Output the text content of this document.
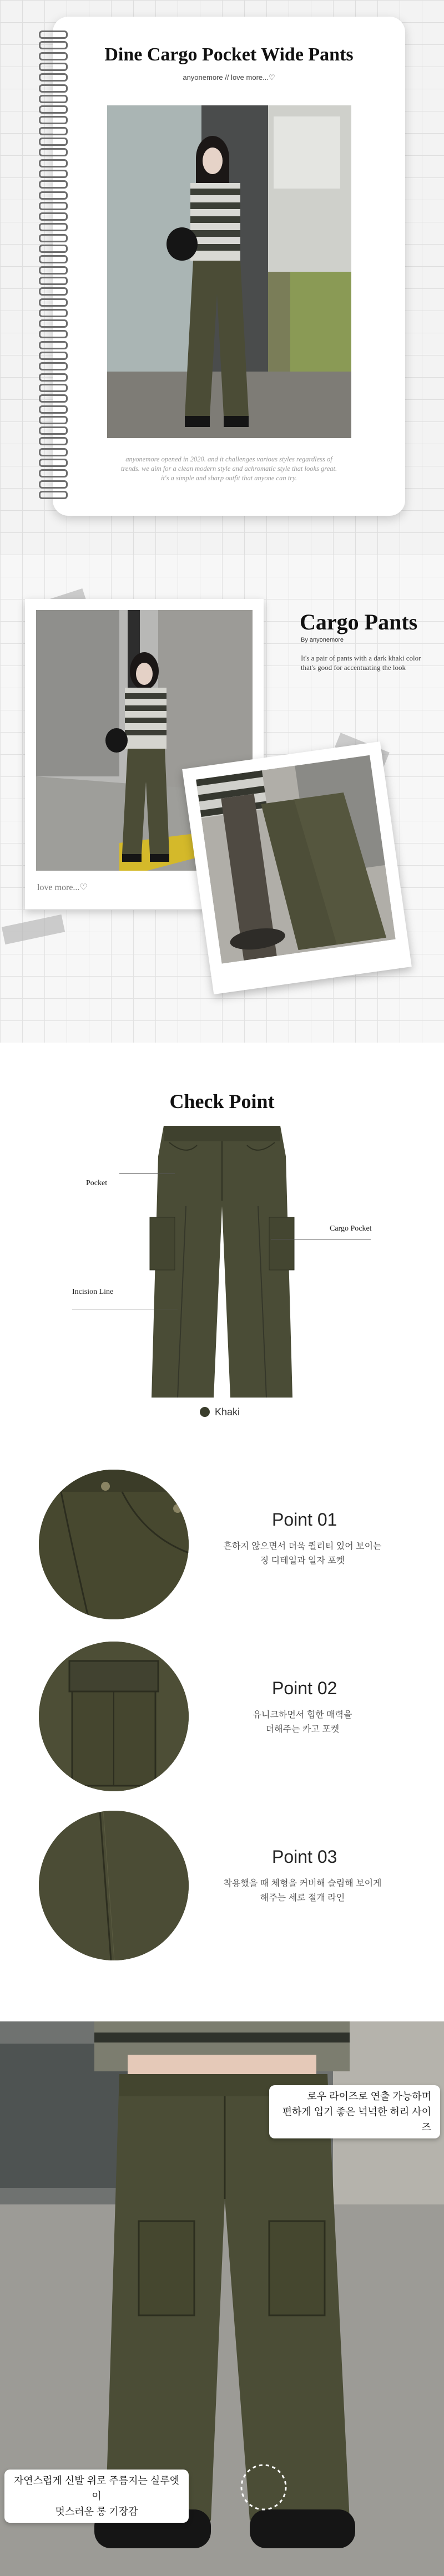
Dine Cargo Pocket Wide Pants
anyonemore // love more...♡
anyonemore opened in 2020. and it challenges various styles regardless of trends. we aim for a clean modern style and achromatic style that looks great. it's a simple and sharp outfit that anyone can try.
love more...♡
Cargo Pants
By anyonemore
It's a pair of pants with a dark khaki color that's good for accentuating the look
Check Point
Pocket
Cargo Pocket
Incision Line
Khaki
Point 01
흔하지 않으면서 더욱 퀄리티 있어 보이는
징 디테일과 일자 포켓
Point 02
유니크하면서 힙한 매력을
더해주는 카고 포켓
Point 03
착용했을 때 체형을 커버해 슬림해 보이게
해주는 세로 절개 라인
로우 라이즈로 연출 가능하며
편하게 입기 좋은 넉넉한 허리 사이즈
자연스럽게 신발 위로 주름지는 실루엣이
멋스러운 롱 기장감
